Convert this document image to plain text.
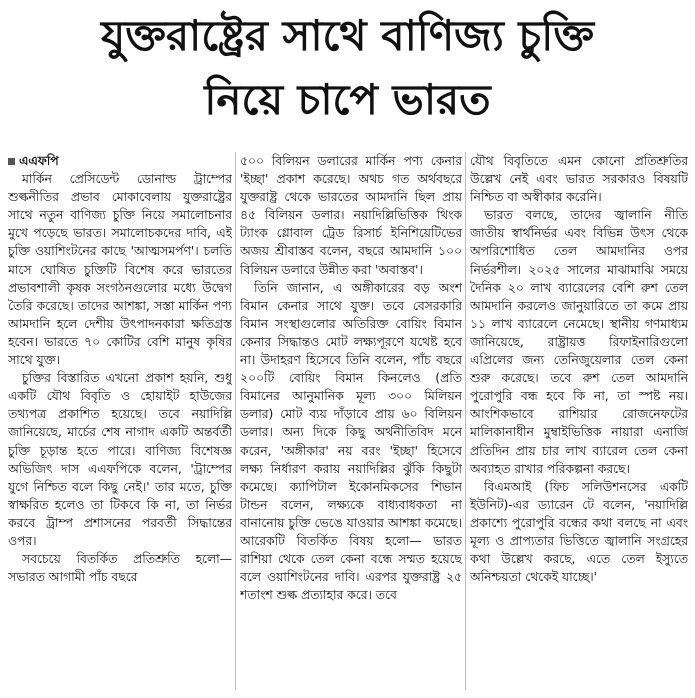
যুক্তরাষ্ট্রের সাথে বাণিজ্য চুক্তি
নিয়ে চাপে ভারত
এএফপি

মার্কিন প্রেসিডেন্ট ডোনাল্ড ট্রাম্পের শুল্কনীতির প্রভাব মোকাবেলায় যুক্তরাষ্ট্রের সাথে নতুন বাণিজ্য চুক্তি নিয়ে সমালোচনার মুখে পড়েছে ভারত। সমালোচকদের দাবি, এই চুক্তি ওয়াশিংটনের কাছে 'আত্মসমর্পণ'। চলতি মাসে ঘোষিত চুক্তিটি বিশেষ করে ভারতের প্রভাবশালী কৃষক সংগঠনগুলোর মধ্যে উদ্বেগ তৈরি করেছে। তাদের আশঙ্কা, সস্তা মার্কিন পণ্য আমদানি হলে দেশীয় উৎপাদনকারা ক্ষতিগ্রস্ত হবেন। ভারতে ৭০ কোটির বেশি মানুষ কৃষির সাথে যুক্ত।

চুক্তির বিস্তারিত এখনো প্রকাশ হয়নি, শুধু একটি যৌথ বিবৃতি ও হোয়াইট হাউজের তথ্যপত্র প্রকাশিত হয়েছে। তবে নয়াদিল্লি জানিয়েছে, মার্চের শেষ নাগাদ একটি অন্তর্বর্তী চুক্তি চূড়ান্ত হতে পারে। বাণিজ্য বিশেষজ্ঞ অভিজিৎ দাস এএফপিকে বলেন, 'ট্রাম্পের যুগে নিশ্চিত বলে কিছু নেই।' তার মতে, চুক্তি স্বাক্ষরিত হলেও তা টিকবে কি না, তা নির্ভর করবে ট্রাম্প প্রশাসনের পরবর্তী সিদ্ধান্তের ওপর।

সবচেয়ে বিতর্কিত প্রতিশ্রুতি হলো— সভারত আগামী পাঁচ বছরে

৫০০ বিলিয়ন ডলারের মার্কিন পণ্য কেনার 'ইচ্ছা' প্রকাশ করেছে। অথচ গত অর্থবছরে যুক্তরাষ্ট্র থেকে ভারতের আমদানি ছিল প্রায় ৪৫ বিলিয়ন ডলার। নয়াদিল্লিভিত্তিক থিংক ট্যাংক গ্লোবাল ট্রেড রিসার্চ ইনিশিয়েটিভের অজয় শ্রীবাস্তব বলেন, বছরে আমদানি ১০০ বিলিয়ন ডলারে উন্নীত করা 'অবাস্তব'।

তিনি জানান, এ অঙ্গীকারের বড় অংশ বিমান কেনার সাথে যুক্ত। তবে বেসরকারি বিমান সংস্থাগুলোর অতিরিক্ত বোয়িং বিমান কেনার সিদ্ধান্তও মোট লক্ষ্যপূরণে যথেষ্ট হবে না। উদাহরণ হিসেবে তিনি বলেন, পাঁচ বছরে ২০০টি বোয়িং বিমান কিনলেও (প্রতি বিমানের আনুমানিক মূল্য ৩০০ মিলিয়ন ডলার) মোট ব্যয় দাঁড়াবে প্রায় ৬০ বিলিয়ন ডলার। অন্য দিকে কিছু অর্থনীতিবিদ মনে করেন, 'অঙ্গীকার' নয় বরং 'ইচ্ছা' হিসেবে লক্ষ্য নির্ধারণ করায় নয়াদিল্লির ঝুঁকি কিছুটা কমেছে। ক্যাপিটাল ইকোনমিকসের শিভান টান্ডন বলেন, লক্ষ্যকে বাধ্যবাধকতা না বানানোয় চুক্তি ভেঙে যাওয়ার আশঙ্কা কমেছে। আরেকটি বিতর্কিত বিষয় হলো— ভারত রাশিয়া থেকে তেল কেনা বন্ধে সম্মত হয়েছে বলে ওয়াশিংটনের দাবি। এরপর যুক্তরাষ্ট্র ২৫ শতাংশ শুল্ক প্রত্যাহার করে। তবে

যৌথ বিবৃতিতে এমন কোনো প্রতিশ্রুতির উল্লেখ নেই এবং ভারত সরকারও বিষয়টি নিশ্চিত বা অস্বীকার করেনি।

ভারত বলছে, তাদের জ্বালানি নীতি জাতীয় স্বার্থনির্ভর এবং বিভিন্ন উৎস থেকে অপরিশোধিত তেল আমদানির ওপর নির্ভরশীল। ২০২৫ সালের মাঝামাঝি সময়ে দৈনিক ২০ লাখ ব্যারেলের বেশি রুশ তেল আমদানি করলেও জানুয়ারিতে তা কমে প্রায় ১১ লাখ ব্যারেলে নেমেছে। স্থানীয় গণমাধ্যম জানিয়েছে, রাষ্ট্রায়ত্ত রিফাইনারিগুলো এপ্রিলের জন্য তেনিজুয়েলার তেল কেনা শুরু করেছে। তবে রুশ তেল আমদানি পুরোপুরি বন্ধ হবে কি না, তা স্পষ্ট নয়। আংশিকভাবে রাশিয়ার রোজনেফটের মালিকানাধীন মুম্বাইভিত্তিক নায়ারা এনার্জি প্রতিদিন প্রায় চার লাখ ব্যারেল তেল কেনা অব্যাহত রাখার পরিকল্পনা করছে।

বিএমআই (ফিচ সলিউশনসের একটি ইউনিট)-এর ড্যারেন টে বলেন, 'নয়াদিল্লি প্রকাশ্যে পুরোপুরি বন্ধের কথা বলছে না এবং মূল্য ও প্রাপ্যতার ভিত্তিতে জ্বালানি সংগ্রহের কথা উল্লেখ করছে, এতে তেল ইস্যুতে অনিশ্চয়তা থেকেই যাচ্ছে।'
